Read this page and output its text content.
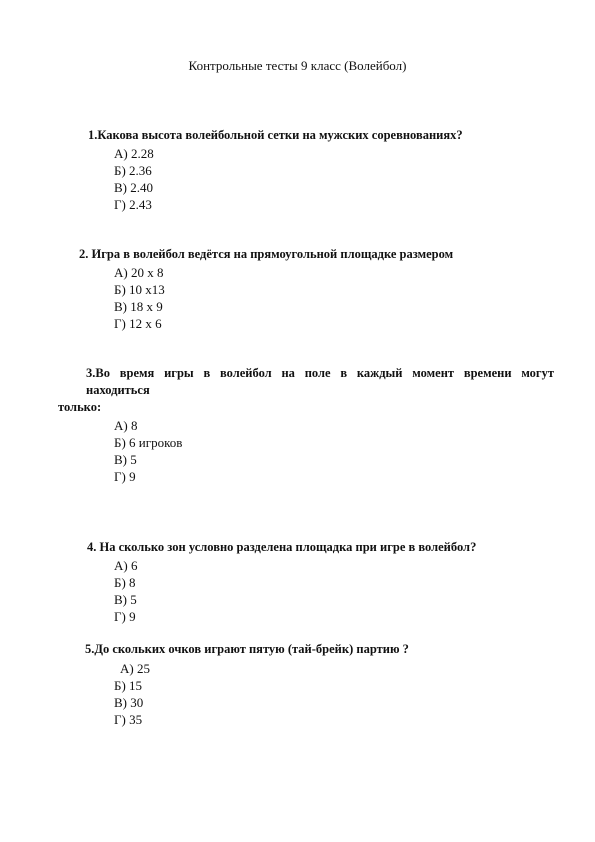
Контрольные тесты 9 класс (Волейбол)
1.Какова высота волейбольной сетки на мужских соревнованиях?
А) 2.28
Б) 2.36
В) 2.40
Г) 2.43
2. Игра в волейбол ведётся на прямоугольной площадке размером
А) 20 x 8
Б) 10 x13
В) 18 x 9
Г) 12 x 6
3.Во время игры в волейбол на поле в каждый момент времени могут
находиться
только:
А) 8
Б) 6 игроков
В) 5
Г) 9
4. На сколько зон условно разделена площадка при игре в волейбол?
А) 6
Б) 8
В) 5
Г) 9
5.До скольких очков играют пятую (тай-брейк) партию ?
А) 25
Б) 15
В) 30
Г) 35
